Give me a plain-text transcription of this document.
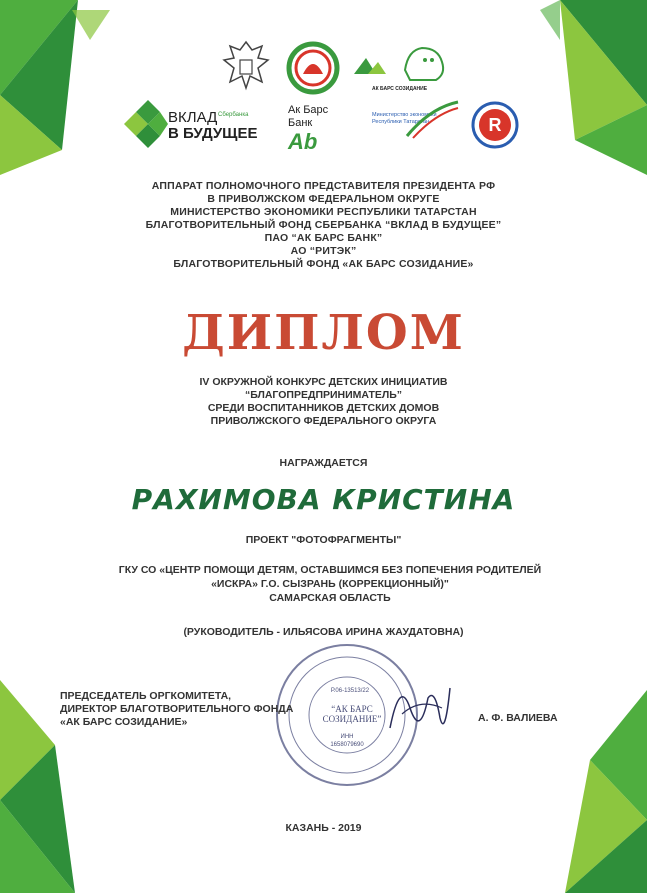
АК БАРС СОЗИДАНИЕ
ВКЛАД
В БУДУЩЕЕ
Сбербанка	Ак Барс
Банк
Ab
Министерство экономики
Республики Татарстан	R
АППАРАТ ПОЛНОМОЧНОГО ПРЕДСТАВИТЕЛЯ ПРЕЗИДЕНТА РФ
В ПРИВОЛЖСКОМ ФЕДЕРАЛЬНОМ ОКРУГЕ
МИНИСТЕРСТВО ЭКОНОМИКИ РЕСПУБЛИКИ ТАТАРСТАН
БЛАГОТВОРИТЕЛЬНЫЙ ФОНД СБЕРБАНКА “ВКЛАД В БУДУЩЕЕ”
ПАО “АК БАРС БАНК”
АО “РИТЭК”
БЛАГОТВОРИТЕЛЬНЫЙ ФОНД «АК БАРС СОЗИДАНИЕ»
ДИПЛОМ
IV ОКРУЖНОЙ КОНКУРС ДЕТСКИХ ИНИЦИАТИВ
“БЛАГОПРЕДПРИНИМАТЕЛЬ”
СРЕДИ ВОСПИТАННИКОВ ДЕТСКИХ ДОМОВ
ПРИВОЛЖСКОГО ФЕДЕРАЛЬНОГО ОКРУГА
НАГРАЖДАЕТСЯ
РАХИМОВА КРИСТИНА
ПРОЕКТ "ФОТОФРАГМЕНТЫ"
ГКУ СО «ЦЕНТР ПОМОЩИ ДЕТЯМ, ОСТАВШИМСЯ БЕЗ ПОПЕЧЕНИЯ РОДИТЕЛЕЙ
«ИСКРА» Г.О. СЫЗРАНЬ (КОРРЕКЦИОННЫЙ)"
САМАРСКАЯ ОБЛАСТЬ
(РУКОВОДИТЕЛЬ - ИЛЬЯСОВА ИРИНА ЖАУДАТОВНА)
“АК БАРС
СОЗИДАНИЕ”
Р.06-13513/22
ИНН
1658079690
ПРЕДСЕДАТЕЛЬ ОРГКОМИТЕТА,
ДИРЕКТОР БЛАГОТВОРИТЕЛЬНОГО ФОНДА
«АК БАРС СОЗИДАНИЕ»	А. Ф. ВАЛИЕВА
КАЗАНЬ - 2019
